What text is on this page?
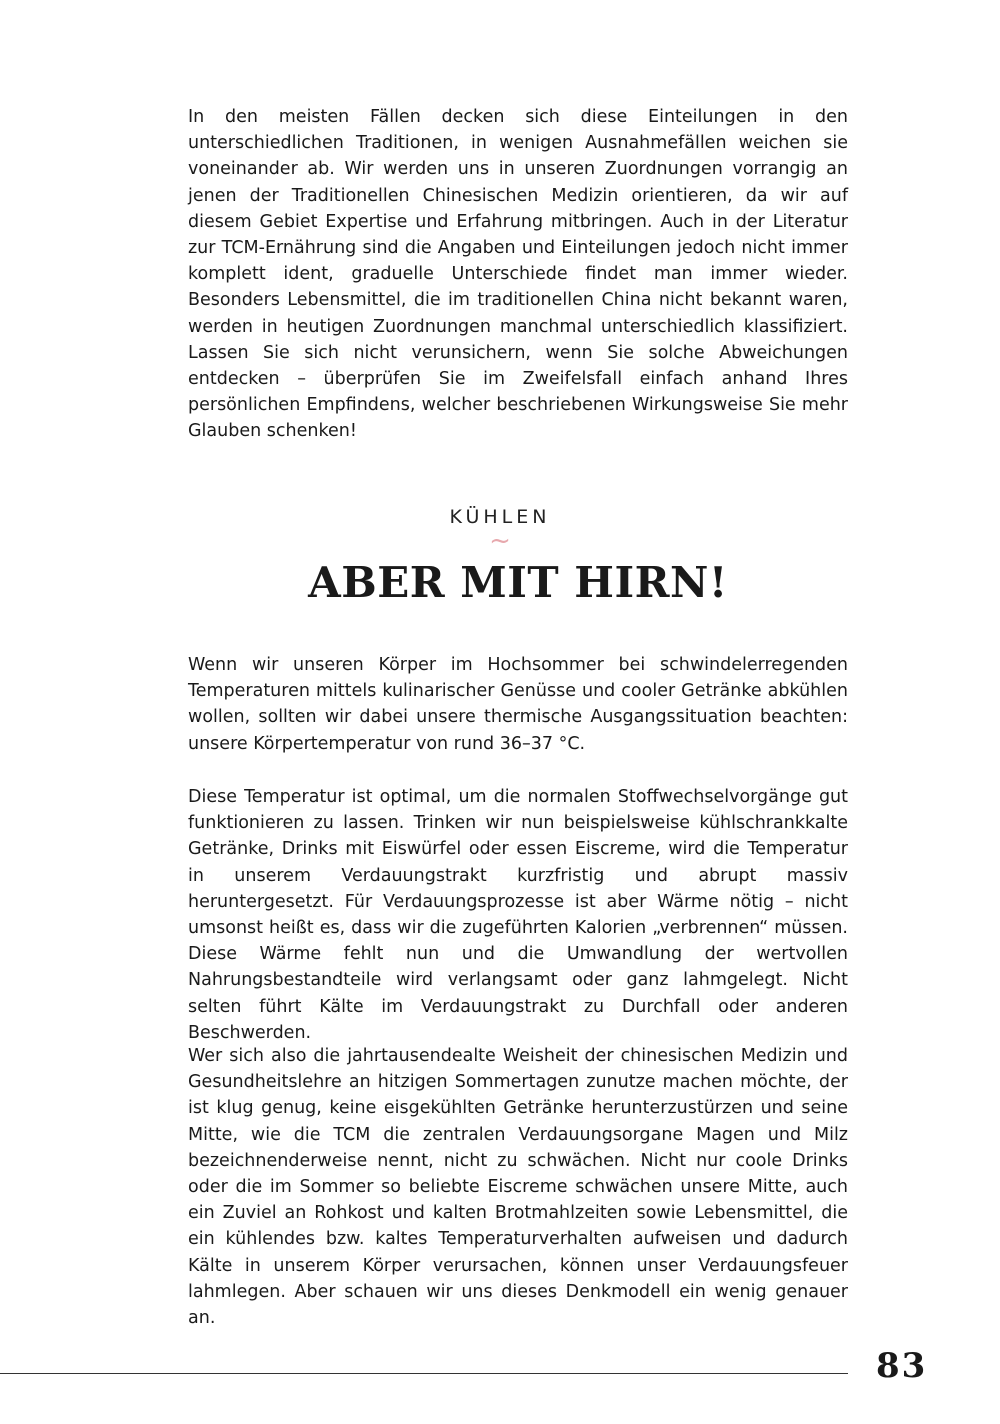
In den meisten Fällen decken sich diese Einteilungen in den unterschiedlichen Traditionen, in wenigen Ausnahmefällen weichen sie voneinander ab. Wir werden uns in unseren Zuordnungen vorrangig an jenen der Traditionellen Chinesischen Medizin orientieren, da wir auf diesem Gebiet Expertise und Erfahrung mitbringen. Auch in der Literatur zur TCM-Ernährung sind die Angaben und Einteilungen jedoch nicht immer komplett ident, graduelle Unterschiede findet man immer wieder. Besonders Lebensmittel, die im traditionellen China nicht bekannt waren, werden in heutigen Zuordnungen manchmal unterschiedlich klassifiziert. Lassen Sie sich nicht verunsichern, wenn Sie solche Abweichungen entdecken – überprüfen Sie im Zweifelsfall einfach anhand Ihres persönlichen Empfindens, welcher beschriebenen Wirkungsweise Sie mehr Glauben schenken!

KÜHLEN

~

ABER MIT HIRN!

Wenn wir unseren Körper im Hochsommer bei schwindelerregenden Temperaturen mittels kulinarischer Genüsse und cooler Getränke abkühlen wollen, sollten wir dabei unsere thermische Ausgangssituation beachten: unsere Körpertemperatur von rund 36–37 °C.

Diese Temperatur ist optimal, um die normalen Stoffwechselvorgänge gut funktionieren zu lassen. Trinken wir nun beispielsweise kühlschrankkalte Getränke, Drinks mit Eiswürfel oder essen Eiscreme, wird die Temperatur in unserem Verdauungstrakt kurzfristig und abrupt massiv heruntergesetzt. Für Verdauungsprozesse ist aber Wärme nötig – nicht umsonst heißt es, dass wir die zugeführten Kalorien „verbrennen“ müssen. Diese Wärme fehlt nun und die Umwandlung der wertvollen Nahrungsbestandteile wird verlangsamt oder ganz lahmgelegt. Nicht selten führt Kälte im Verdauungstrakt zu Durchfall oder anderen Beschwerden.

Wer sich also die jahrtausendealte Weisheit der chinesischen Medizin und Gesundheitslehre an hitzigen Sommertagen zunutze machen möchte, der ist klug genug, keine eisgekühlten Getränke herunterzustürzen und seine Mitte, wie die TCM die zentralen Verdauungsorgane Magen und Milz bezeichnenderweise nennt, nicht zu schwächen. Nicht nur coole Drinks oder die im Sommer so beliebte Eiscreme schwächen unsere Mitte, auch ein Zuviel an Rohkost und kalten Brotmahlzeiten sowie Lebensmittel, die ein kühlendes bzw. kaltes Temperaturverhalten aufweisen und dadurch Kälte in unserem Körper verursachen, können unser Verdauungsfeuer lahmlegen. Aber schauen wir uns dieses Denkmodell ein wenig genauer an.

83
